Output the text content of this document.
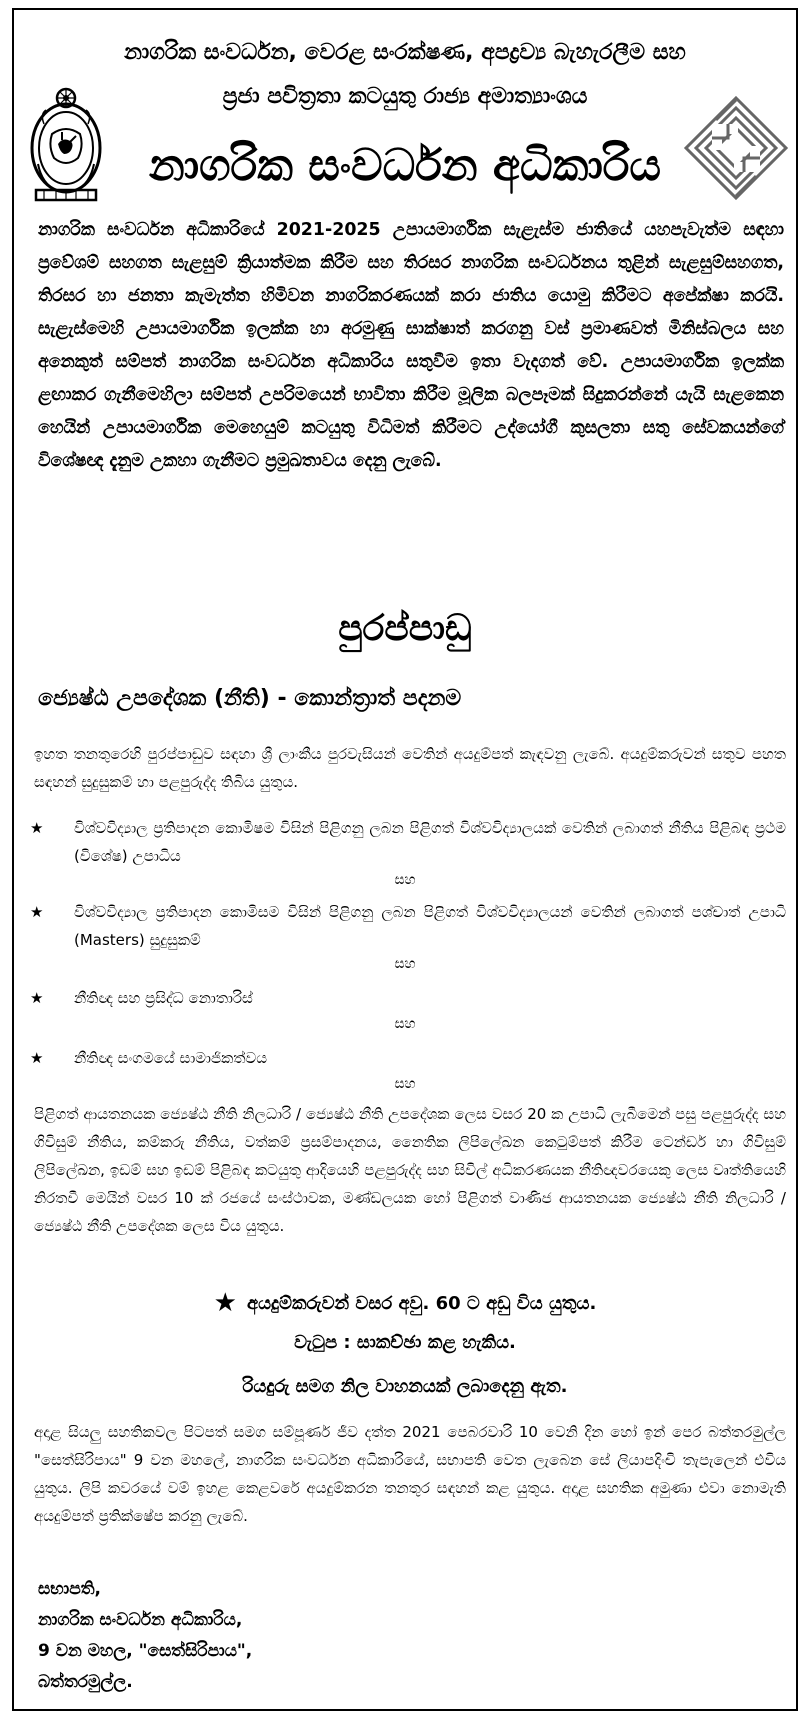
නාගරික සංවර්ධන, වෙරළ සංරක්ෂණ, අපද්‍රව්‍ය බැහැරලීම සහ
ප්‍රජා පවිත්‍රතා කටයුතු රාජ්‍ය අමාත්‍යාංශය
නාගරික සංවර්ධන අධිකාරිය
නාගරික සංවර්ධන අධිකාරියේ 2021-2025 උපායමාර්ගික සැළැස්ම ජාතියේ යහපැවැත්ම සඳහා ප්‍රවේශම් සහගත සැළසුම් ක්‍රියාත්මක කිරීම සහ තිරසර නාගරික සංවර්ධනය තුළින් සැළසුම්සහගත, තිරසර හා ජනතා කැමැත්ත හිමිවන නාගරිකරණයක් කරා ජාතිය යොමු කිරීමට අපේක්ෂා කරයි. සැළැස්මෙහි උපායමාර්ගික ඉලක්ක හා අරමුණු සාක්ෂාත් කරගනු වස් ප්‍රමාණවත් මිනිස්බලය සහ අනෙකුත් සම්පත් නාගරික සංවර්ධන අධිකාරිය සතුවීම ඉතා වැදගත් වේ. උපායමාර්ගික ඉලක්ක ළඟාකර ගැනීමෙහිලා සම්පත් උපරිමයෙන් භාවිතා කිරීම මූලික බලපෑමක් සිදුකරන්නේ යැයි සැළකෙන හෙයින් උපායමාර්ගික මෙහෙයුම් කටයුතු විධිමත් කිරීමට උද්යෝගී කුසලතා සතු සේවකයන්ගේ විශේෂඥ දැනුම උකහා ගැනීමට ප්‍රමුඛතාවය දෙනු ලැබේ.
පුරප්පාඩු
ජ්‍යෙෂ්ඨ උපදේශක (නීති) - කොන්ත්‍රාත් පදනම
ඉහත තනතුරෙහි පුරප්පාඩුව සඳහා ශ්‍රී ලාංකීය පුරවැසියන් වෙතින් අයදුම්පත් කැඳවනු ලැබේ. අයදුම්කරුවන් සතුව පහත සඳහන් සුදුසුකම් හා පළපුරුද්ද තිබිය යුතුය.
★ විශ්වවිද්‍යාල ප්‍රතිපාදන කොමිෂම විසින් පිළිගනු ලබන පිළිගත් විශ්වවිද්‍යාලයක් වෙතින් ලබාගත් නීතිය පිළිබඳ ප්‍රථම (විශේෂ) උපාධිය
සහ
★ විශ්වවිද්‍යාල ප්‍රතිපාදන කොමිසම විසින් පිළිගනු ලබන පිළිගත් විශ්වවිද්‍යාලයන් වෙතින් ලබාගත් පශ්චාත් උපාධි (Masters) සුදුසුකම්
සහ
★ නීතිඥ සහ ප්‍රසිද්ධ නොතාරිස්
සහ
★ නීතිඥ සංගමයේ සාමාජිකත්වය
සහ
පිළිගත් ආයතනයක ජ්‍යෙෂ්ඨ නීති නිලධාරි / ජ්‍යෙෂ්ඨ නීති උපදේශක ලෙස වසර 20 ක උපාධි ලැබීමෙන් පසු පළපුරුද්ද සහ ගිවිසුම් නීතිය, කම්කරු නීතිය, වත්කම් ප්‍රසම්පාදනය, නෛතික ලිපිලේඛන කෙටුම්පත් කිරීම ටෙන්ඩර් හා ගිවිසුම් ලිපිලේඛන, ඉඩම් සහ ඉඩම් පිළිබඳ කටයුතු ආදියෙහි පළපුරුද්ද සහ සිවිල් අධිකරණයක නීතිඥවරයෙකු ලෙස වෘත්තියෙහි නිරතවී මෙයින් වසර 10 ක් රජයේ සංස්ථාවක, මණ්ඩලයක හෝ පිළිගත් වාණිජ ආයතනයක ජ්‍යෙෂ්ඨ නීති නිලධාරි / ජ්‍යෙෂ්ඨ නීති උපදේශක ලෙස විය යුතුය.
★ අයදුම්කරුවන් වසර අවු. 60 ට අඩු විය යුතුය.
වැටුප : සාකච්ඡා කළ හැකිය.
රියදුරු සමග නිල වාහනයක් ලබාදෙනු ඇත.
අදාළ සියලු සහතිකවල පිටපත් සමග සම්පූර්ණ ජීව දත්ත 2021 පෙබරවාරි 10 වෙනි දින හෝ ඉන් පෙර බත්තරමුල්ල "සෙත්සිරිපාය" 9 වන මහලේ, නාගරික සංවර්ධන අධිකාරියේ, සභාපති වෙත ලැබෙන සේ ලියාපදිංචි තැපැලෙන් එවිය යුතුය. ලිපි කවරයේ වම් ඉහළ කෙළවරේ අයදුම්කරන තනතුර සඳහන් කළ යුතුය. අදාළ සහතික අමුණා එවා නොමැති අයදුම්පත් ප්‍රතික්ෂේප කරනු ලැබේ.
සභාපති,
නාගරික සංවර්ධන අධිකාරිය,
9 වන මහල, "සෙත්සිරිපාය",
බත්තරමුල්ල.
